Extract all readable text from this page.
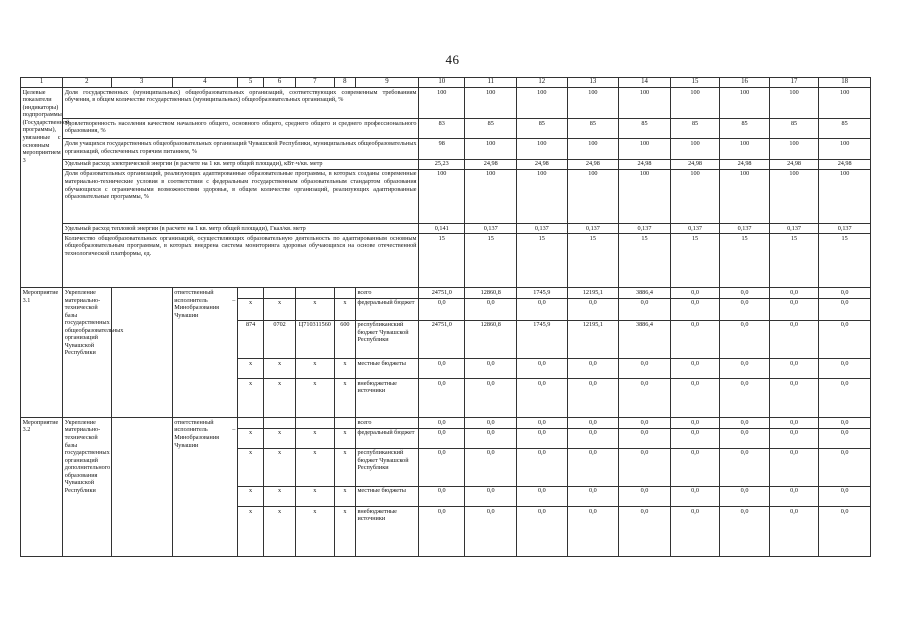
46
1	2	3	4	5	6	7	8	9	10	11	12	13	14	15	16	17	18
Целевые показатели (индикаторы) подпрограммы (Государственной программы), увязанные с основным мероприятием 3	Доля государственных (муниципальных) общеобразовательных организаций, соответствующих современным требованиям обучения, в общем количестве государственных (муниципальных) общеобразовательных организаций, %								100	100	100	100	100	100	100	100	100
	Удовлетворенность населения качеством начального общего, основного общего, среднего общего и среднего профессионального образования, %								83	85	85	85	85	85	85	85	85
	Доля учащихся государственных общеобразовательных организаций Чувашской Республики, муниципальных общеобразовательных организаций, обеспеченных горячим питанием, %								98	100	100	100	100	100	100	100	100
	Удельный расход электрической энергии (в расчете на 1 кв. метр общей площади), кВт·ч/кв. метр								25,23	24,98	24,98	24,98	24,98	24,98	24,98	24,98	24,98
	Доля образовательных организаций, реализующих адаптированные образовательные программы, в которых созданы современные материально-технические условия в соответствии с федеральным государственным образовательным стандартом образования обучающихся с ограниченными возможностями здоровья, в общем количестве организаций, реализующих адаптированные образовательные программы, %								100	100	100	100	100	100	100	100	100
	Удельный расход тепловой энергии (в расчете на 1 кв. метр общей площади), Гкал/кв. метр								0,141	0,137	0,137	0,137	0,137	0,137	0,137	0,137	0,137
	Количество общеобразовательных организаций, осуществляющих образовательную деятельность по адаптированным основным общеобразовательным программам, в которых внедрена система мониторинга здоровья обучающихся на основе отечественной технологической платформы, ед.								15	15	15	15	15	15	15	15	15
Мероприятие 3.1	Укрепление материально-технической базы государственных общеобразовательных организаций Чувашской Республики		ответственный исполнитель – Минобразования Чувашии					всего	24751,0	12860,8	1745,9	12195,1	3886,4	0,0	0,0	0,0	0,0
				x	x	x	x	федеральный бюджет	0,0	0,0	0,0	0,0	0,0	0,0	0,0	0,0	0,0
				874	0702	Ц710311560	600	республиканский бюджет Чувашской Республики	24751,0	12860,8	1745,9	12195,1	3886,4	0,0	0,0	0,0	0,0
				x	x	x	x	местные бюджеты	0,0	0,0	0,0	0,0	0,0	0,0	0,0	0,0	0,0
				x	x	x	x	внебюджетные источники	0,0	0,0	0,0	0,0	0,0	0,0	0,0	0,0	0,0
Мероприятие 3.2	Укрепление материально-технической базы государственных организаций дополнительного образования Чувашской Республики		ответственный исполнитель – Минобразования Чувашии					всего	0,0	0,0	0,0	0,0	0,0	0,0	0,0	0,0	0,0
				x	x	x	x	федеральный бюджет	0,0	0,0	0,0	0,0	0,0	0,0	0,0	0,0	0,0
				x	x	x	x	республиканский бюджет Чувашской Республики	0,0	0,0	0,0	0,0	0,0	0,0	0,0	0,0	0,0
				x	x	x	x	местные бюджеты	0,0	0,0	0,0	0,0	0,0	0,0	0,0	0,0	0,0
				x	x	x	x	внебюджетные источники	0,0	0,0	0,0	0,0	0,0	0,0	0,0	0,0	0,0
